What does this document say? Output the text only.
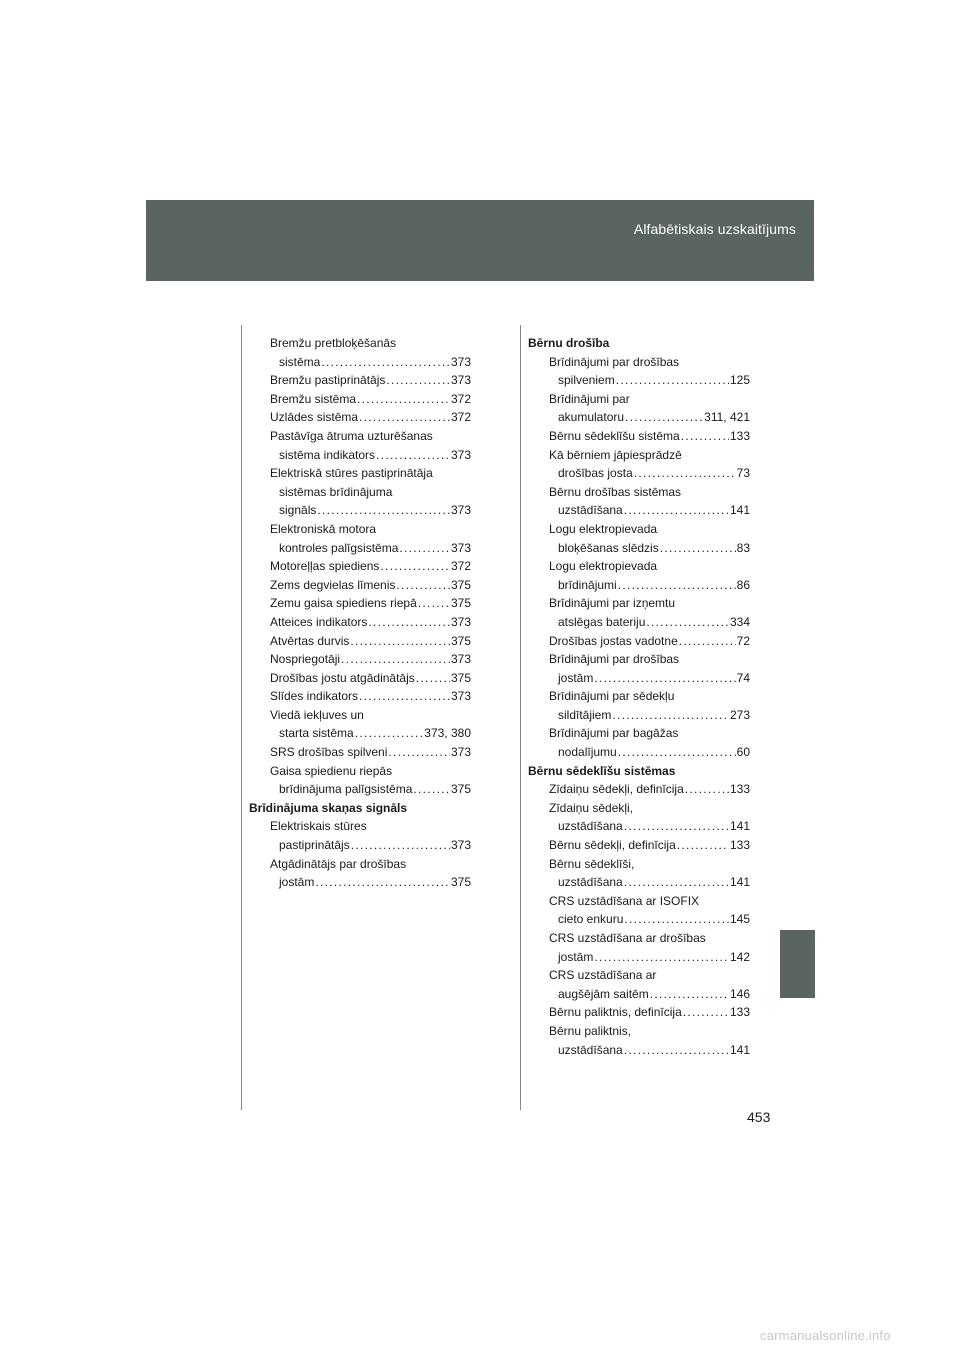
Alfabētiskais uzskaitījums
Bremžu pretbloķēšanās
sistēma .....	373
Bremžu pastiprinātājs .....	373
Bremžu sistēma .....	372
Uzlādes sistēma .....	372
Pastāvīga ātruma uzturēšanas
sistēma indikators .....	373
Elektriskā stūres pastiprinātāja
sistēmas brīdinājuma
signāls .....	373
Elektroniskā motora
kontroles palīgsistēma .....	373
Motoreļļas spiediens .....	372
Zems degvielas līmenis .....	375
Zemu gaisa spiediens riepā .....	375
Atteices indikators .....	373
Atvērtas durvis .....	375
Nospriegotāji .....	373
Drošības jostu atgādinātājs .....	375
Slīdes indikators .....	373
Viedā iekļuves un
starta sistēma .....	373, 380
SRS drošības spilveni .....	373
Gaisa spiedienu riepās
brīdinājuma palīgsistēma .....	375
Brīdinājuma skaņas signāls
Elektriskais stūres
pastiprinātājs .....	373
Atgādinātājs par drošības
jostām .....	375
Bērnu drošība
Brīdinājumi par drošības
spilveniem .....	125
Brīdinājumi par
akumulatoru .....	311, 421
Bērnu sēdeklīšu sistēma .....	133
Kā bērniem jāpiesprādzē
drošības josta .....	73
Bērnu drošības sistēmas
uzstādīšana .....	141
Logu elektropievada
bloķēšanas slēdzis .....	83
Logu elektropievada
brīdinājumi .....	86
Brīdinājumi par izņemtu
atslēgas bateriju .....	334
Drošības jostas vadotne .....	72
Brīdinājumi par drošības
jostām .....	74
Brīdinājumi par sēdekļu
sildītājiem .....	273
Brīdinājumi par bagāžas
nodalījumu .....	60
Bērnu sēdeklīšu sistēmas
Zīdaiņu sēdekļi, definīcija .....	133
Zīdaiņu sēdekļi,
uzstādīšana .....	141
Bērnu sēdekļi, definīcija .....	133
Bērnu sēdeklīši,
uzstādīšana .....	141
CRS uzstādīšana ar ISOFIX
cieto enkuru .....	145
CRS uzstādīšana ar drošības
jostām .....	142
CRS uzstādīšana ar
augšējām saitēm .....	146
Bērnu paliktnis, definīcija .....	133
Bērnu paliktnis,
uzstādīšana .....	141
453
carmanualsonline.info
